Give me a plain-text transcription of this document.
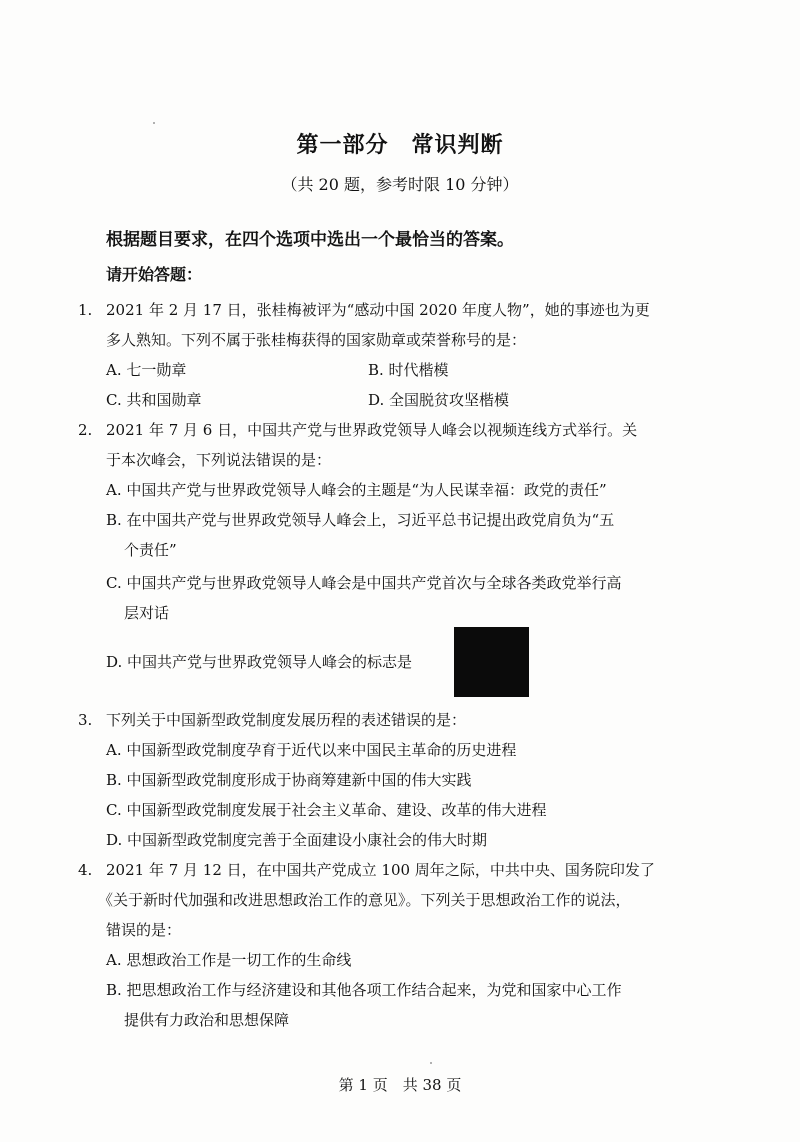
第一部分　常识判断
（共 20 题，参考时限 10 分钟）
根据题目要求，在四个选项中选出一个最恰当的答案。
请开始答题：
1. 2021 年 2 月 17 日，张桂梅被评为“感动中国 2020 年度人物”，她的事迹也为更
多人熟知。下列不属于张桂梅获得的国家勋章或荣誉称号的是：
A. 七一勋章	B. 时代楷模
C. 共和国勋章	D. 全国脱贫攻坚楷模
2. 2021 年 7 月 6 日，中国共产党与世界政党领导人峰会以视频连线方式举行。关
于本次峰会，下列说法错误的是：
A. 中国共产党与世界政党领导人峰会的主题是“为人民谋幸福：政党的责任”
B. 在中国共产党与世界政党领导人峰会上，习近平总书记提出政党肩负为“五
个责任”
C. 中国共产党与世界政党领导人峰会是中国共产党首次与全球各类政党举行高
层对话
D. 中国共产党与世界政党领导人峰会的标志是
3. 下列关于中国新型政党制度发展历程的表述错误的是：
A. 中国新型政党制度孕育于近代以来中国民主革命的历史进程
B. 中国新型政党制度形成于协商筹建新中国的伟大实践
C. 中国新型政党制度发展于社会主义革命、建设、改革的伟大进程
D. 中国新型政党制度完善于全面建设小康社会的伟大时期
4. 2021 年 7 月 12 日，在中国共产党成立 100 周年之际，中共中央、国务院印发了
《关于新时代加强和改进思想政治工作的意见》。下列关于思想政治工作的说法，
错误的是：
A. 思想政治工作是一切工作的生命线
B. 把思想政治工作与经济建设和其他各项工作结合起来，为党和国家中心工作
提供有力政治和思想保障
第 1 页　共 38 页
